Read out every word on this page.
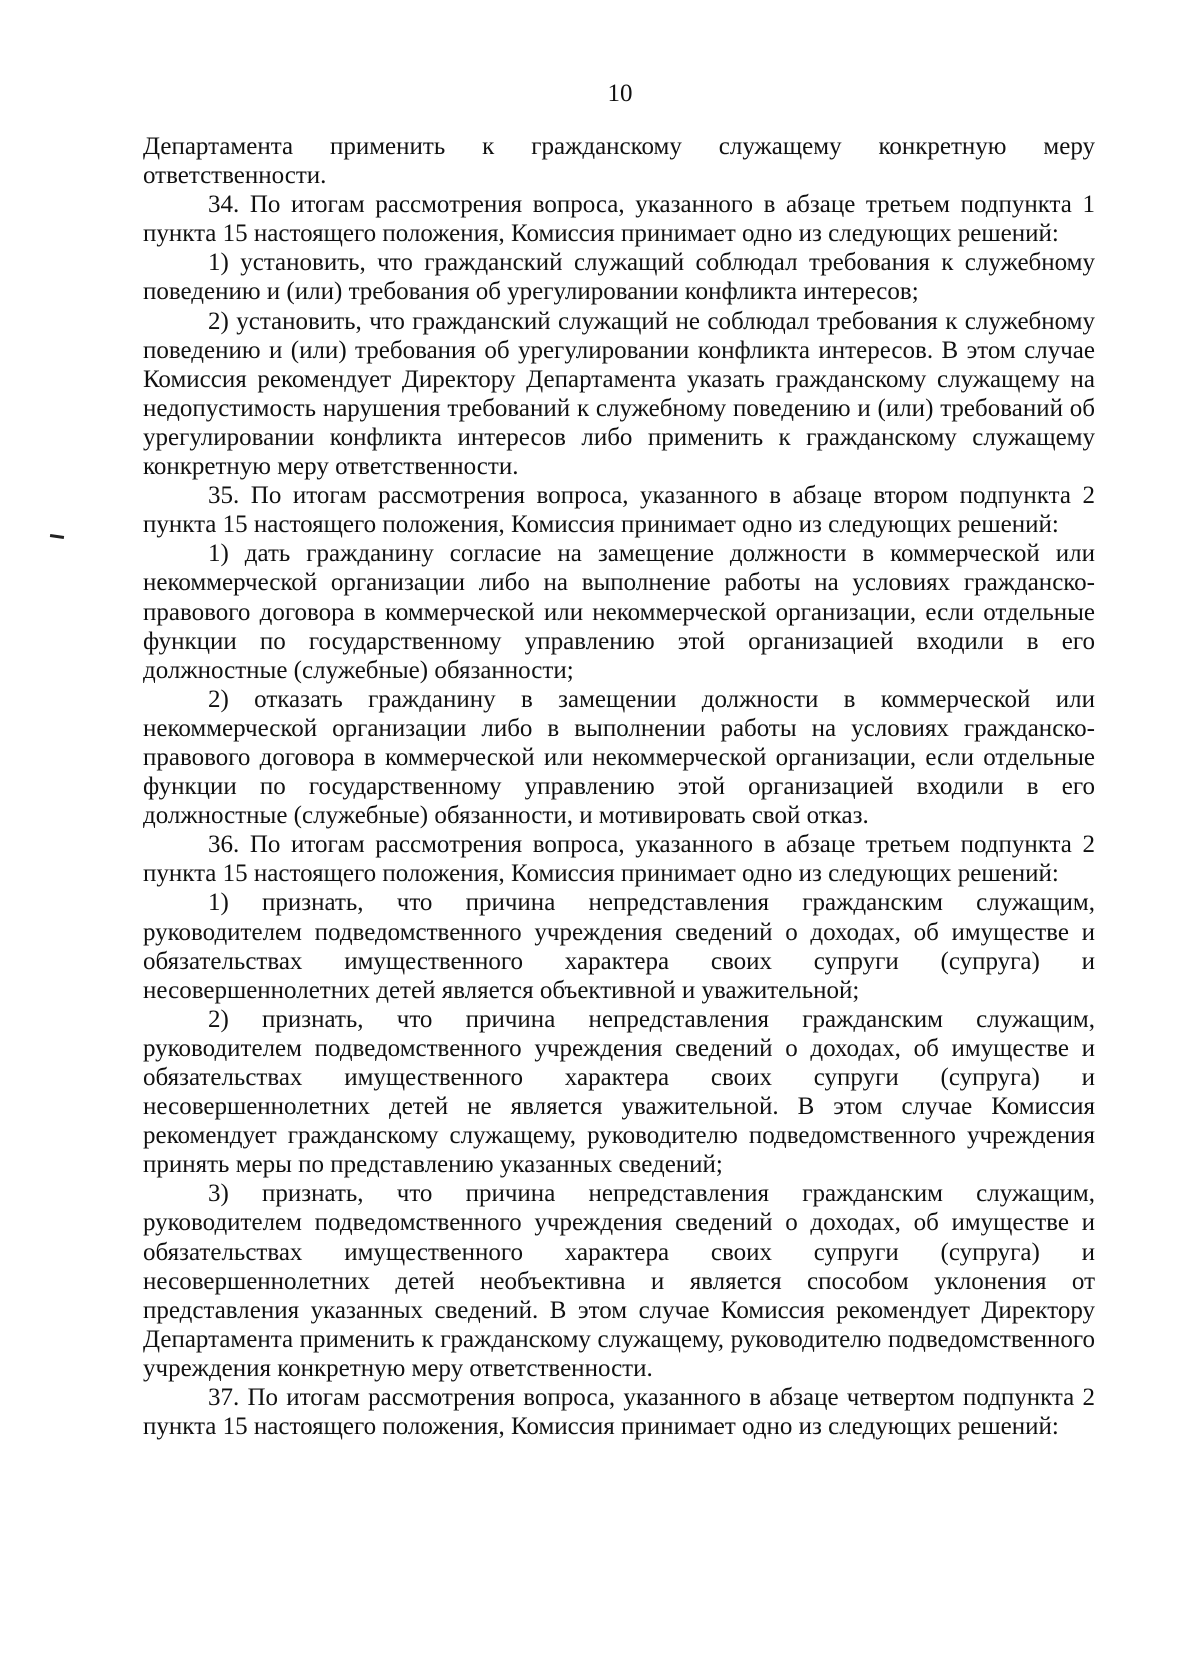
10

Департамента применить к гражданскому служащему конкретную меру ответственности.

34. По итогам рассмотрения вопроса, указанного в абзаце третьем подпункта 1 пункта 15 настоящего положения, Комиссия принимает одно из следующих решений:

1) установить, что гражданский служащий соблюдал требования к служебному поведению и (или) требования об урегулировании конфликта интересов;

2) установить, что гражданский служащий не соблюдал требования к служебному поведению и (или) требования об урегулировании конфликта интересов. В этом случае Комиссия рекомендует Директору Департамента указать гражданскому служащему на недопустимость нарушения требований к служебному поведению и (или) требований об урегулировании конфликта интересов либо применить к гражданскому служащему конкретную меру ответственности.

35. По итогам рассмотрения вопроса, указанного в абзаце втором подпункта 2 пункта 15 настоящего положения, Комиссия принимает одно из следующих решений:

1) дать гражданину согласие на замещение должности в коммерческой или некоммерческой организации либо на выполнение работы на условиях гражданско-правового договора в коммерческой или некоммерческой организации, если отдельные функции по государственному управлению этой организацией входили в его должностные (служебные) обязанности;

2) отказать гражданину в замещении должности в коммерческой или некоммерческой организации либо в выполнении работы на условиях гражданско-правового договора в коммерческой или некоммерческой организации, если отдельные функции по государственному управлению этой организацией входили в его должностные (служебные) обязанности, и мотивировать свой отказ.

36. По итогам рассмотрения вопроса, указанного в абзаце третьем подпункта 2 пункта 15 настоящего положения, Комиссия принимает одно из следующих решений:

1) признать, что причина непредставления гражданским служащим, руководителем подведомственного учреждения сведений о доходах, об имуществе и обязательствах имущественного характера своих супруги (супруга) и несовершеннолетних детей является объективной и уважительной;

2) признать, что причина непредставления гражданским служащим, руководителем подведомственного учреждения сведений о доходах, об имуществе и обязательствах имущественного характера своих супруги (супруга) и несовершеннолетних детей не является уважительной. В этом случае Комиссия рекомендует гражданскому служащему, руководителю подведомственного учреждения принять меры по представлению указанных сведений;

3) признать, что причина непредставления гражданским служащим, руководителем подведомственного учреждения сведений о доходах, об имуществе и обязательствах имущественного характера своих супруги (супруга) и несовершеннолетних детей необъективна и является способом уклонения от представления указанных сведений. В этом случае Комиссия рекомендует Директору Департамента применить к гражданскому служащему, руководителю подведомственного учреждения конкретную меру ответственности.

37. По итогам рассмотрения вопроса, указанного в абзаце четвертом подпункта 2 пункта 15 настоящего положения, Комиссия принимает одно из следующих решений:
